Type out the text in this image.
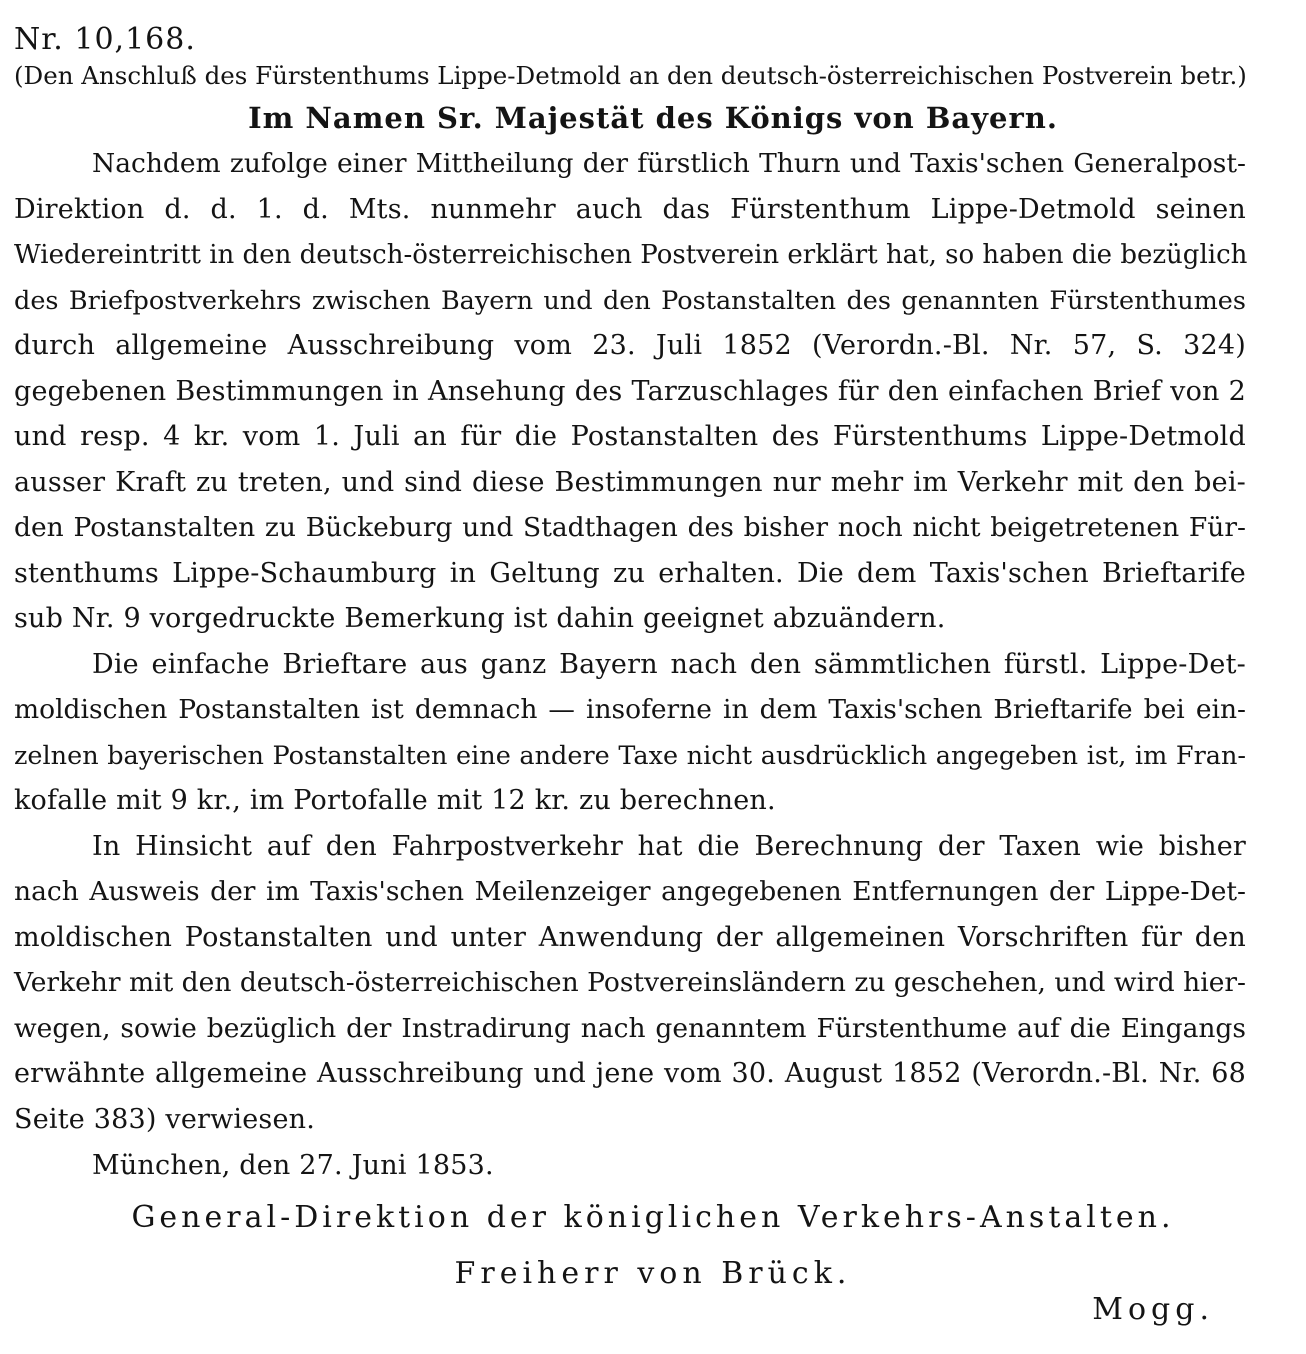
Nr. 10,168.
(Den Anschluß des Fürstenthums Lippe-Detmold an den deutsch-österreichischen Postverein betr.)
Im Namen Sr. Majestät des Königs von Bayern.
Nachdem zufolge einer Mittheilung der fürstlich Thurn und Taxis'schen Generalpost-
Direktion d. d. 1. d. Mts. nunmehr auch das Fürstenthum Lippe-Detmold seinen
Wiedereintritt in den deutsch-österreichischen Postverein erklärt hat, so haben die bezüglich
des Briefpostverkehrs zwischen Bayern und den Postanstalten des genannten Fürstenthumes
durch allgemeine Ausschreibung vom 23. Juli 1852 (Verordn.-Bl. Nr. 57, S. 324)
gegebenen Bestimmungen in Ansehung des Tarzuschlages für den einfachen Brief von 2
und resp. 4 kr. vom 1. Juli an für die Postanstalten des Fürstenthums Lippe-Detmold
ausser Kraft zu treten, und sind diese Bestimmungen nur mehr im Verkehr mit den bei-
den Postanstalten zu Bückeburg und Stadthagen des bisher noch nicht beigetretenen Für-
stenthums Lippe-Schaumburg in Geltung zu erhalten. Die dem Taxis'schen Brieftarife
sub Nr. 9 vorgedruckte Bemerkung ist dahin geeignet abzuändern.
Die einfache Brieftare aus ganz Bayern nach den sämmtlichen fürstl. Lippe-Det-
moldischen Postanstalten ist demnach — insoferne in dem Taxis'schen Brieftarife bei ein-
zelnen bayerischen Postanstalten eine andere Taxe nicht ausdrücklich angegeben ist, im Fran-
kofalle mit 9 kr., im Portofalle mit 12 kr. zu berechnen.
In Hinsicht auf den Fahrpostverkehr hat die Berechnung der Taxen wie bisher
nach Ausweis der im Taxis'schen Meilenzeiger angegebenen Entfernungen der Lippe-Det-
moldischen Postanstalten und unter Anwendung der allgemeinen Vorschriften für den
Verkehr mit den deutsch-österreichischen Postvereinsländern zu geschehen, und wird hier-
wegen, sowie bezüglich der Instradirung nach genanntem Fürstenthume auf die Eingangs
erwähnte allgemeine Ausschreibung und jene vom 30. August 1852 (Verordn.-Bl. Nr. 68
Seite 383) verwiesen.
München, den 27. Juni 1853.
General-Direktion der königlichen Verkehrs-Anstalten.
Freiherr von Brück.
Mogg.
